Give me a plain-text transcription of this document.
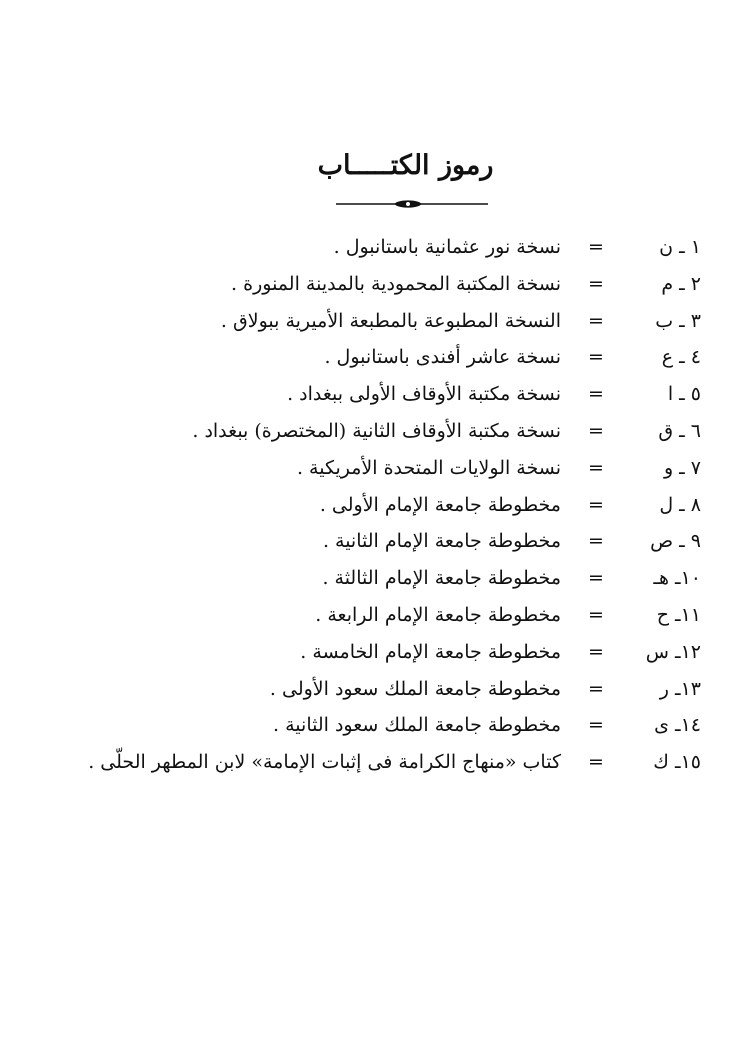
رموز الكتـــــاب
١ ـ ن
=
نسخة نور عثمانية باستانبول .
٢ ـ م
=
نسخة المكتبة المحمودية بالمدينة المنورة .
٣ ـ ب
=
النسخة المطبوعة بالمطبعة الأميرية ببولاق .
٤ ـ ع
=
نسخة عاشر أفندى باستانبول .
٥ ـ ا
=
نسخة مكتبة الأوقاف الأولى ببغداد .
٦ ـ ق
=
نسخة مكتبة الأوقاف الثانية (المختصرة) ببغداد .
٧ ـ و
=
نسخة الولايات المتحدة الأمريكية .
٨ ـ ل
=
مخطوطة جامعة الإمام الأولى .
٩ ـ ص
=
مخطوطة جامعة الإمام الثانية .
١٠ـ هـ
=
مخطوطة جامعة الإمام الثالثة .
١١ـ ح
=
مخطوطة جامعة الإمام الرابعة .
١٢ـ س
=
مخطوطة جامعة الإمام الخامسة .
١٣ـ ر
=
مخطوطة جامعة الملك سعود الأولى .
١٤ـ ى
=
مخطوطة جامعة الملك سعود الثانية .
١٥ـ ك
=
كتاب «منهاج الكرامة فى إثبات الإمامة» لابن المطهر الحلّى .
